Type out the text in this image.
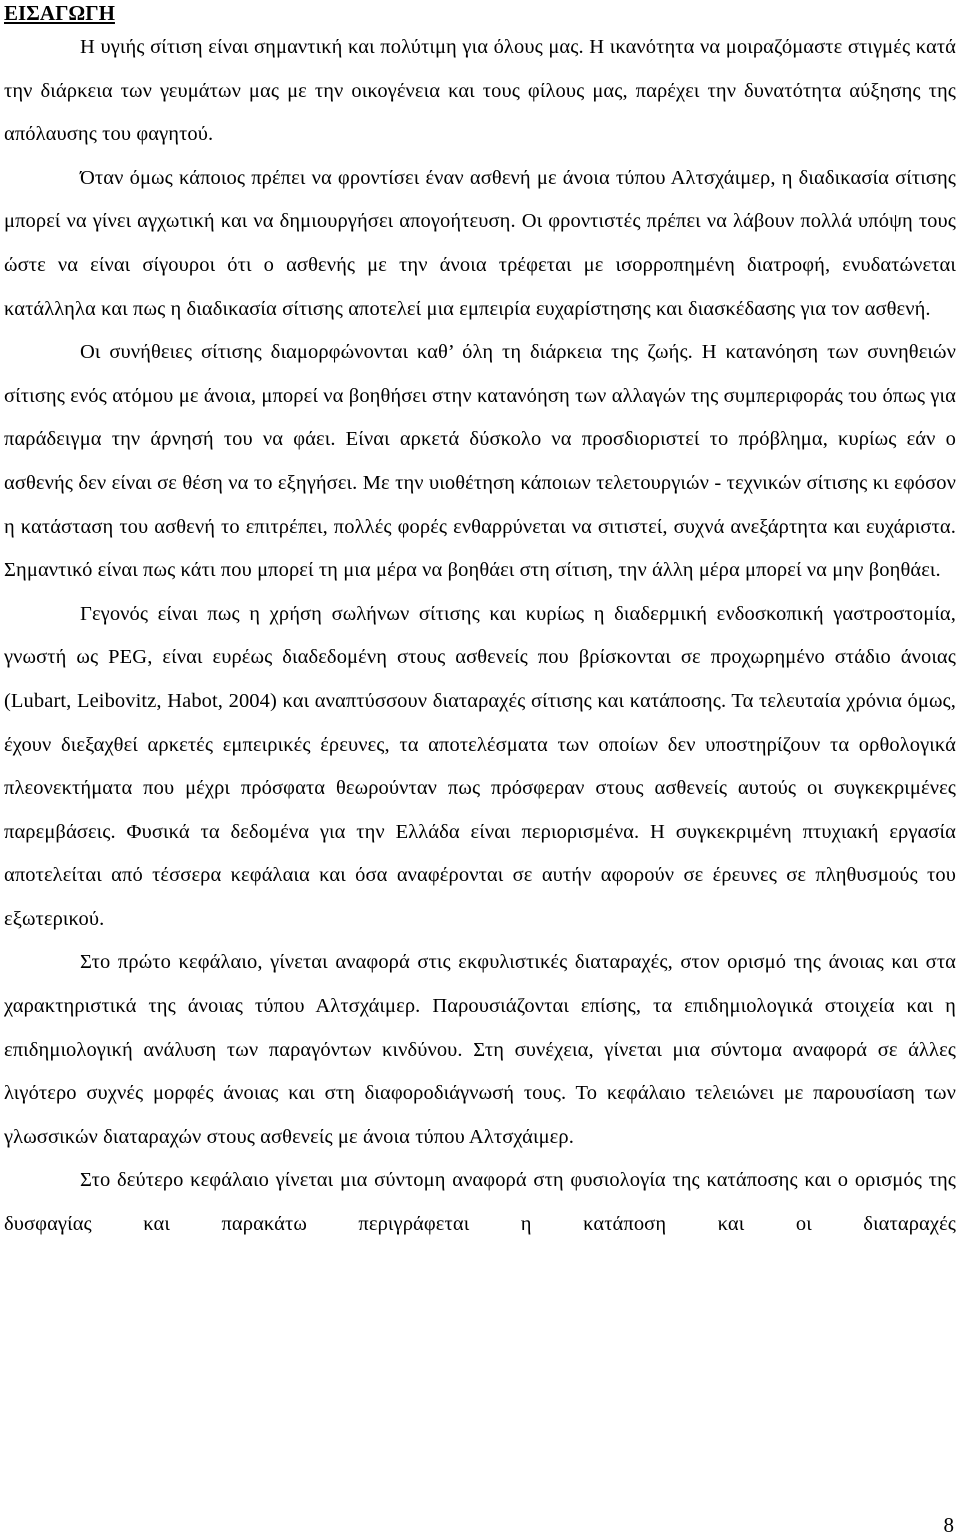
ΕΙΣΑΓΩΓΗ

Η υγιής σίτιση είναι σημαντική και πολύτιμη για όλους μας. Η ικανότητα να μοιραζόμαστε στιγμές κατά την διάρκεια των γευμάτων μας με την οικογένεια και τους φίλους μας, παρέχει την δυνατότητα αύξησης της απόλαυσης του φαγητού.

Όταν όμως κάποιος πρέπει να φροντίσει έναν ασθενή με άνοια τύπου Αλτσχάιμερ, η διαδικασία σίτισης μπορεί να γίνει αγχωτική και να δημιουργήσει απογοήτευση. Οι φροντιστές πρέπει να λάβουν πολλά υπόψη τους ώστε να είναι σίγουροι ότι ο ασθενής με την άνοια τρέφεται με ισορροπημένη διατροφή, ενυδατώνεται κατάλληλα και πως η διαδικασία σίτισης αποτελεί μια εμπειρία ευχαρίστησης και διασκέδασης για τον ασθενή.

Οι συνήθειες σίτισης διαμορφώνονται καθ’ όλη τη διάρκεια της ζωής. Η κατανόηση των συνηθειών σίτισης ενός ατόμου με άνοια, μπορεί να βοηθήσει στην κατανόηση των αλλαγών της συμπεριφοράς του όπως για παράδειγμα την άρνησή του να φάει. Είναι αρκετά δύσκολο να προσδιοριστεί το πρόβλημα, κυρίως εάν ο ασθενής δεν είναι σε θέση να το εξηγήσει. Με την υιοθέτηση κάποιων τελετουργιών - τεχνικών σίτισης κι εφόσον η κατάσταση του ασθενή το επιτρέπει, πολλές φορές ενθαρρύνεται να σιτιστεί, συχνά ανεξάρτητα και ευχάριστα. Σημαντικό είναι πως κάτι που μπορεί τη μια μέρα να βοηθάει στη σίτιση, την άλλη μέρα μπορεί να μην βοηθάει.

Γεγονός είναι πως η χρήση σωλήνων σίτισης και κυρίως η διαδερμική ενδοσκοπική γαστροστομία, γνωστή ως PEG, είναι ευρέως διαδεδομένη στους ασθενείς που βρίσκονται σε προχωρημένο στάδιο άνοιας (Lubart, Leibovitz, Habot, 2004) και αναπτύσσουν διαταραχές σίτισης και κατάποσης. Τα τελευταία χρόνια όμως, έχουν διεξαχθεί αρκετές εμπειρικές έρευνες, τα αποτελέσματα των οποίων δεν υποστηρίζουν τα ορθολογικά πλεονεκτήματα που μέχρι πρόσφατα θεωρούνταν πως πρόσφεραν στους ασθενείς αυτούς οι συγκεκριμένες παρεμβάσεις. Φυσικά τα δεδομένα για την Ελλάδα είναι περιορισμένα. Η συγκεκριμένη πτυχιακή εργασία αποτελείται από τέσσερα κεφάλαια και όσα αναφέρονται σε αυτήν αφορούν σε έρευνες σε πληθυσμούς του εξωτερικού.

Στο πρώτο κεφάλαιο, γίνεται αναφορά στις εκφυλιστικές διαταραχές, στον ορισμό της άνοιας και στα χαρακτηριστικά της άνοιας τύπου Αλτσχάιμερ. Παρουσιάζονται επίσης, τα επιδημιολογικά στοιχεία και η επιδημιολογική ανάλυση των παραγόντων κινδύνου. Στη συνέχεια, γίνεται μια σύντομα αναφορά σε άλλες λιγότερο συχνές μορφές άνοιας και στη διαφοροδιάγνωσή τους. Το κεφάλαιο τελειώνει με παρουσίαση των γλωσσικών διαταραχών στους ασθενείς με άνοια τύπου Αλτσχάιμερ.

Στο δεύτερο κεφάλαιο γίνεται μια σύντομη αναφορά στη φυσιολογία της κατάποσης και ο ορισμός της δυσφαγίας και παρακάτω περιγράφεται η κατάποση και οι διαταραχές

8
